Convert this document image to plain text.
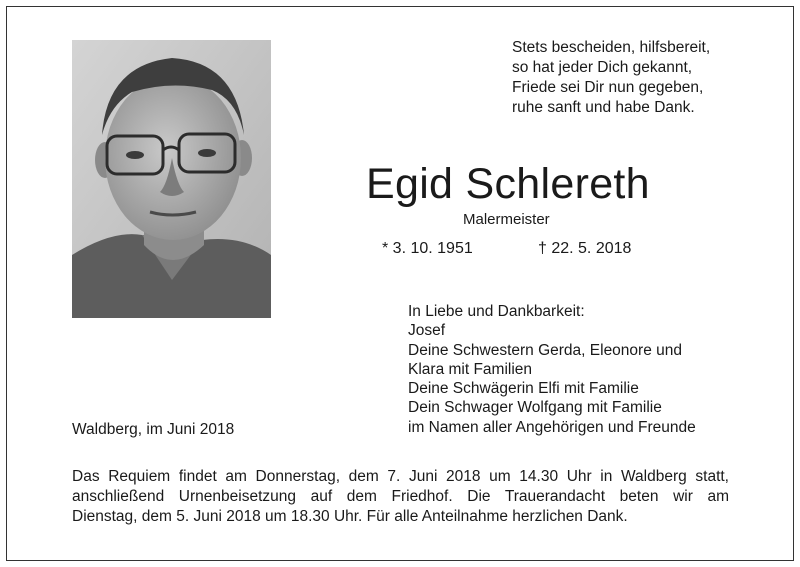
Stets bescheiden, hilfsbereit,
so hat jeder Dich gekannt,
Friede sei Dir nun gegeben,
ruhe sanft und habe Dank.
Egid Schlereth
Malermeister
* 3. 10. 1951	† 22. 5. 2018
In Liebe und Dankbarkeit:
Josef
Deine Schwestern Gerda, Eleonore und
Klara mit Familien
Deine Schwägerin Elfi mit Familie
Dein Schwager Wolfgang mit Familie
im Namen aller Angehörigen und Freunde
Waldberg, im Juni 2018
Das Requiem findet am Donnerstag, dem 7. Juni 2018 um 14.30 Uhr in Waldberg statt,
anschließend Urnenbeisetzung auf dem Friedhof. Die Trauerandacht beten wir am
Dienstag, dem 5. Juni 2018 um 18.30 Uhr. Für alle Anteilnahme herzlichen Dank.
